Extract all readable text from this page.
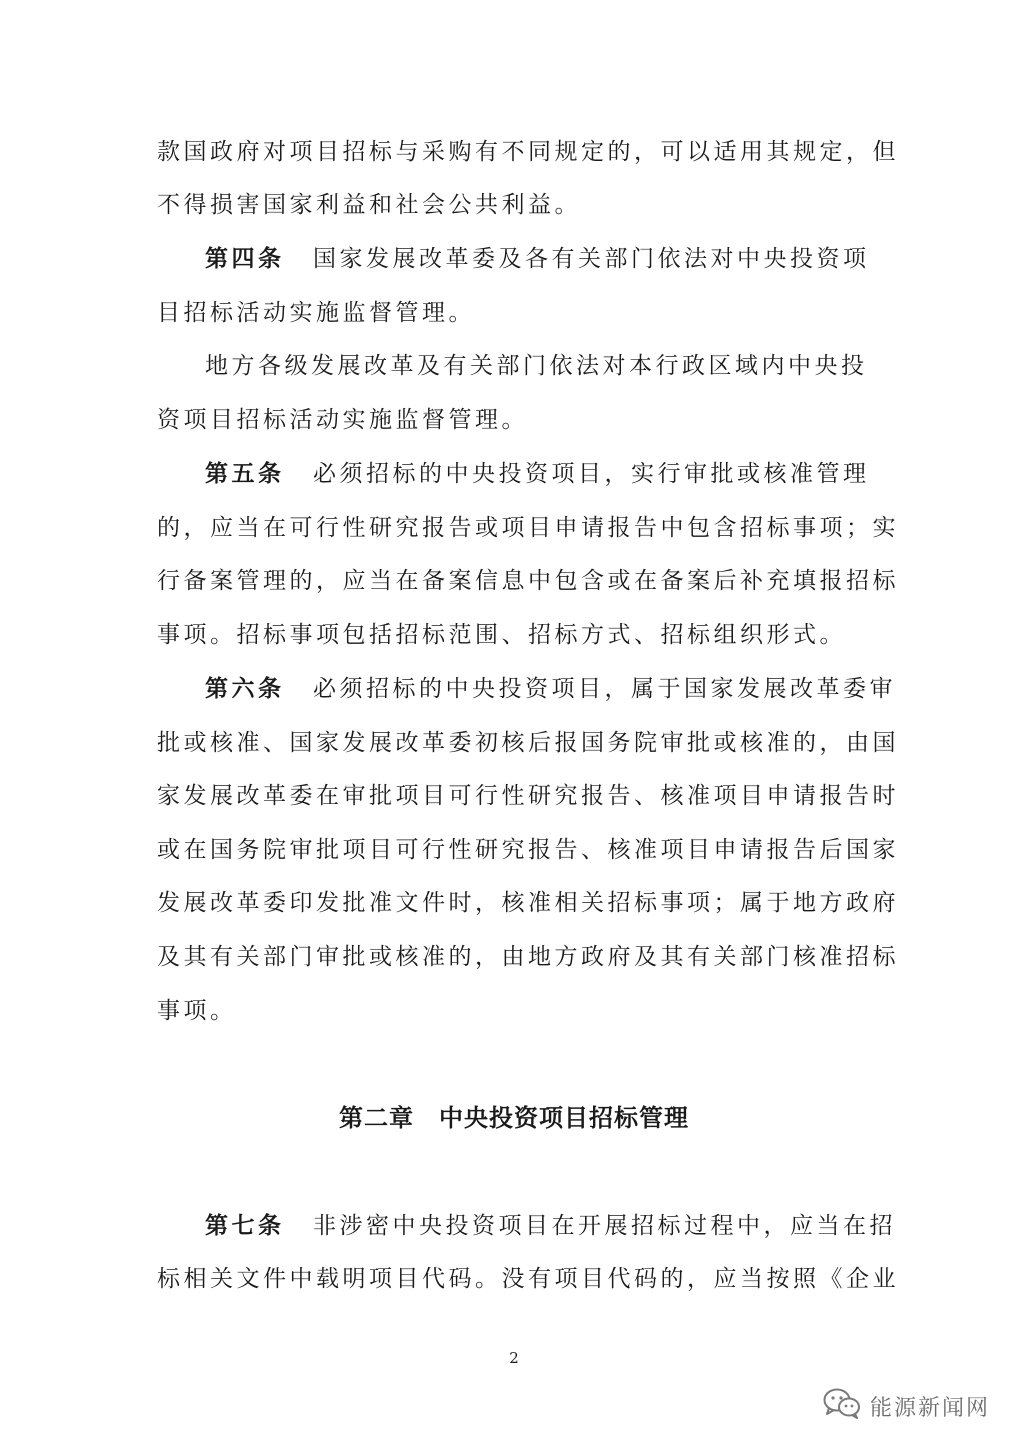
款国政府对项目招标与采购有不同规定的，可以适用其规定，但
不得损害国家利益和社会公共利益。
第四条 国家发展改革委及各有关部门依法对中央投资项
目招标活动实施监督管理。
地方各级发展改革及有关部门依法对本行政区域内中央投
资项目招标活动实施监督管理。
第五条 必须招标的中央投资项目，实行审批或核准管理
的，应当在可行性研究报告或项目申请报告中包含招标事项；实
行备案管理的，应当在备案信息中包含或在备案后补充填报招标
事项。招标事项包括招标范围、招标方式、招标组织形式。
第六条 必须招标的中央投资项目，属于国家发展改革委审
批或核准、国家发展改革委初核后报国务院审批或核准的，由国
家发展改革委在审批项目可行性研究报告、核准项目申请报告时
或在国务院审批项目可行性研究报告、核准项目申请报告后国家
发展改革委印发批准文件时，核准相关招标事项；属于地方政府
及其有关部门审批或核准的，由地方政府及其有关部门核准招标
事项。
第二章　中央投资项目招标管理
第七条 非涉密中央投资项目在开展招标过程中，应当在招
标相关文件中载明项目代码。没有项目代码的，应当按照《企业
2
能源新闻网
